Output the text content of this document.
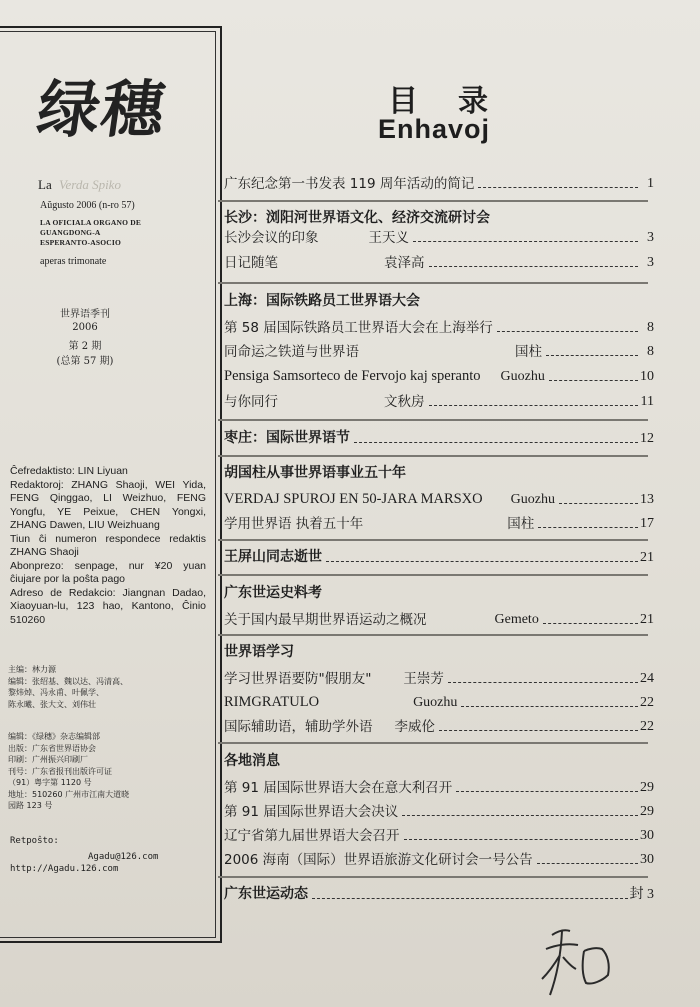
绿穗
La Verda Spiko
Aŭgusto 2006 (n-ro 57)
LA OFICIALA ORGANO DE
GUANGDONG-A
ESPERANTO-ASOCIO
aperas trimonate
世界语季刊
2006
第 2 期
(总第 57 期)

Ĉefredaktisto: LIN Liyuan

Redaktoroj: ZHANG Shaoji, WEI Yida, FENG Qinggao, LI Weizhuo, FENG Yongfu, YE Peixue, CHEN Yongxi, ZHANG Dawen, LIU Weizhuang

Tiun ĉi numeron respondece redaktis ZHANG Shaoji

Abonprezo: senpage, nur ¥20 yuan ĉiujare por la poŝta pago

Adreso de Redakcio: Jiangnan Dadao, Xiaoyuan-lu, 123 hao, Kantono, Ĉinio 510260

主编：林力源

编辑：张绍基、魏以达、冯清高、

黎炜焯、冯永甫、叶佩学、

陈永曦、张大文、刘伟壮

编辑：《绿穗》杂志编辑部

出版：广东省世界语协会

印刷：广州振兴印刷厂

刊号：广东省报刊出版许可证

（91）粤字第 1120 号

地址：510260 广州市江南大道晓

园路 123 号

Retpoŝto:

Agadu@126.com

http://Agadu.126.com

目录
Enhavoj
广东纪念第一书发表 119 周年活动的简记	1
长沙：浏阳河世界语文化、经济交流研讨会
长沙会议的印象	王天义	3
日记随笔	袁泽高	3
上海：国际铁路员工世界语大会
第 58 届国际铁路员工世界语大会在上海举行	8
同命运之铁道与世界语	国柱	8
Pensiga Samsorteco de Fervojo kaj speranto	Guozhu	10
与你同行	文秋房	11
枣庄：国际世界语节	12
胡国柱从事世界语事业五十年
VERDAJ SPUROJ EN 50-JARA MARSXO	Guozhu	13
学用世界语 执着五十年	国柱	17
王屏山同志逝世	21
广东世运史料考
关于国内最早期世界语运动之概况	Gemeto	21
世界语学习
学习世界语要防"假朋友"	王崇芳	24
RIMGRATULO	Guozhu	22
国际辅助语，辅助学外语	李威伦	22
各地消息
第 91 届国际世界语大会在意大利召开	29
第 91 届国际世界语大会决议	29
辽宁省第九届世界语大会召开	30
2006 海南（国际）世界语旅游文化研讨会一号公告	30
广东世运动态	封 3
